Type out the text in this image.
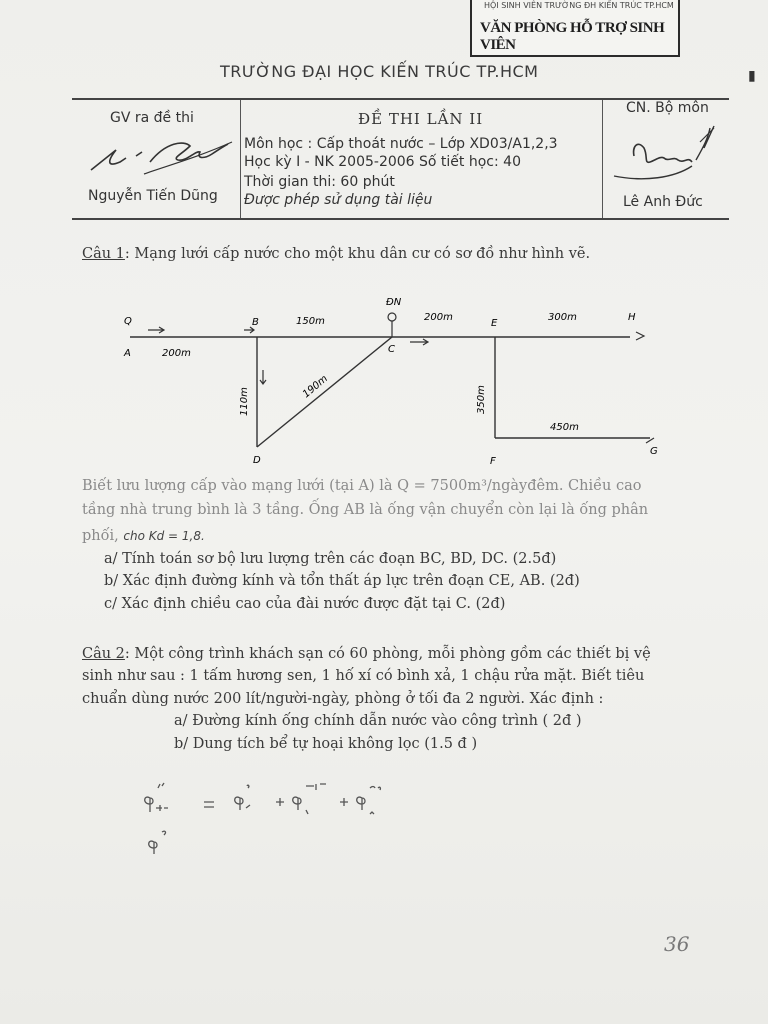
HỘI SINH VIÊN TRƯỜNG ĐH KIẾN TRÚC TP.HCM
VĂN PHÒNG HỖ TRỢ SINH VIÊN
▮
TRƯỜNG ĐẠI HỌC KIẾN TRÚC TP.HCM
GV ra đề thi
Nguyễn Tiến Dũng
ĐỀ THI LẦN II
Môn học : Cấp thoát nước – Lớp XD03/A1,2,3
Học kỳ I - NK 2005-2006 Số tiết học: 40
Thời gian thi: 60 phút
Được phép sử dụng tài liệu
CN. Bộ môn
Lê Anh Đức
Câu 1: Mạng lưới cấp nước cho một khu dân cư có sơ đồ như hình vẽ.
Q
A
B
ĐN
C
E
H
D	F
G
200m
150m	200m	300m
110m
190m	350m
450m
Biết lưu lượng cấp vào mạng lưới (tại A) là Q = 7500m³/ngàyđêm. Chiều cao
tầng nhà trung bình là 3 tầng. Ống AB là ống vận chuyển còn lại là ống phân
phối, cho Kd = 1,8.
a/ Tính toán sơ bộ lưu lượng trên các đoạn BC, BD, DC. (2.5đ)
b/ Xác định đường kính và tổn thất áp lực trên đoạn CE, AB. (2đ)
c/ Xác định chiều cao của đài nước được đặt tại C. (2đ)
Câu 2: Một công trình khách sạn có 60 phòng, mỗi phòng gồm các thiết bị vệ
sinh như sau : 1 tấm hương sen, 1 hố xí có bình xả, 1 chậu rửa mặt. Biết tiêu
chuẩn dùng nước 200 lít/người-ngày, phòng ở tối đa 2 người. Xác định :
a/ Đường kính ống chính dẫn nước vào công trình ( 2đ )
b/ Dung tích bể tự hoại không lọc (1.5 đ )
36
